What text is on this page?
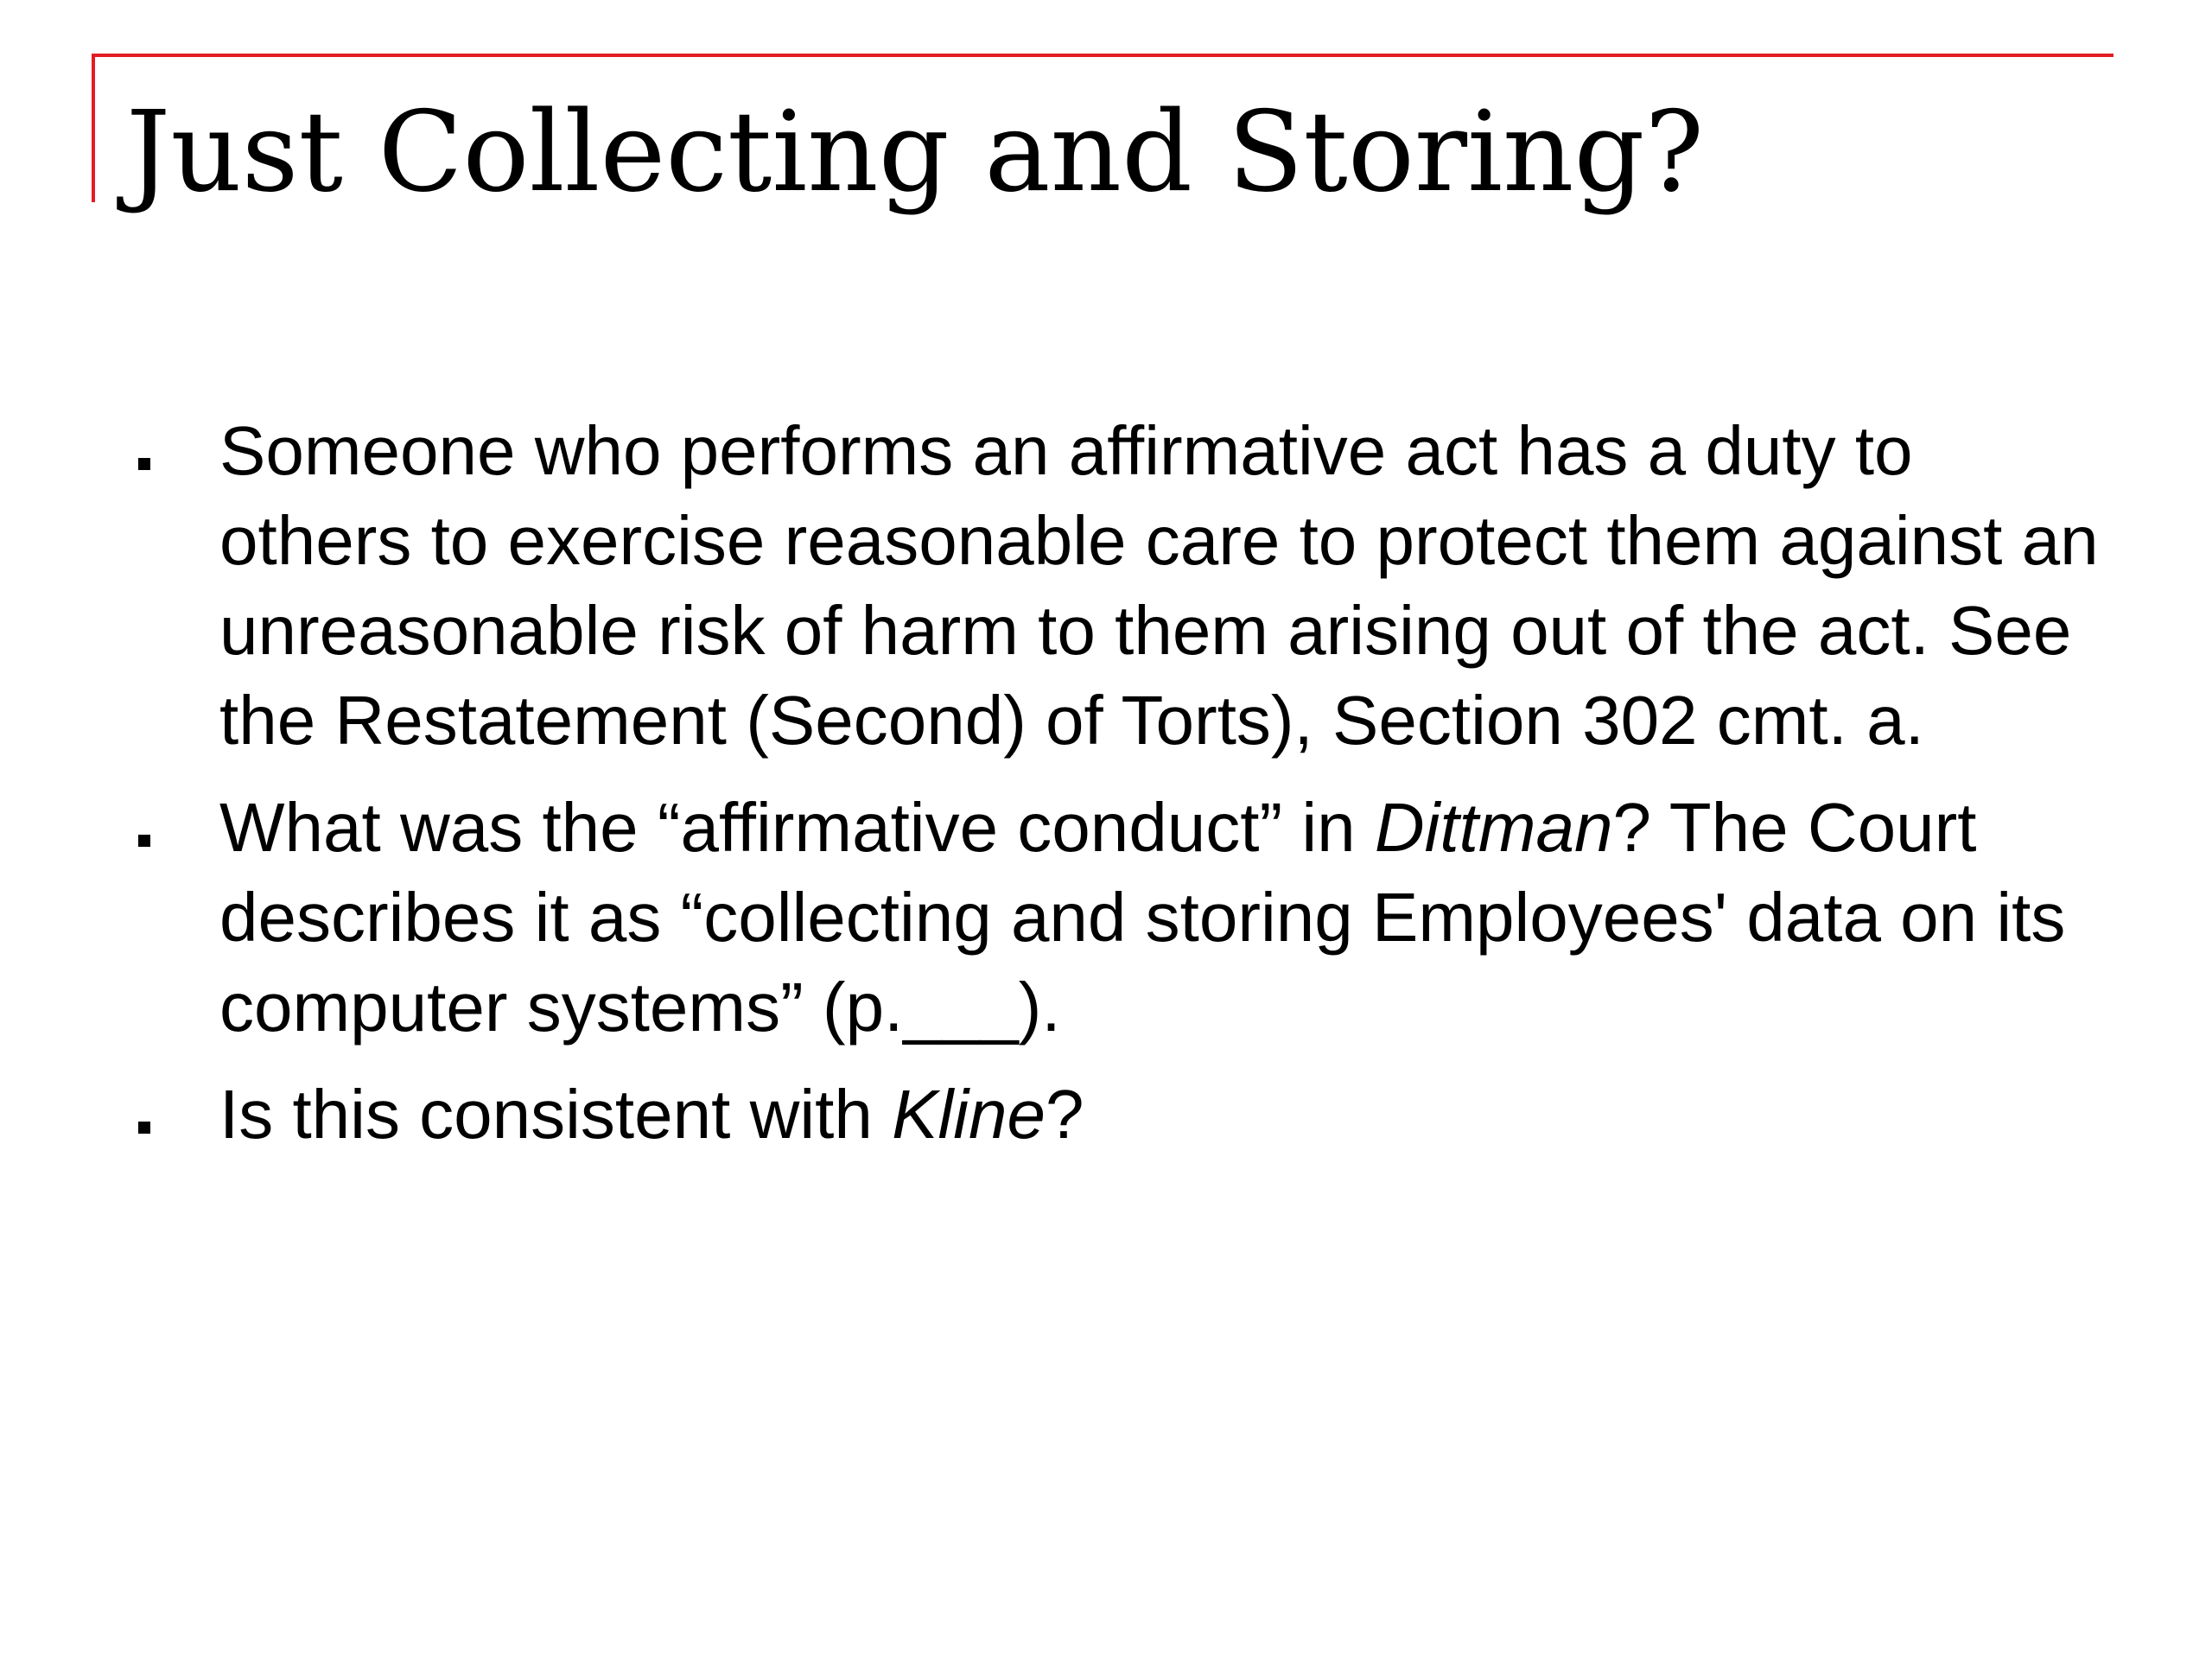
Just Collecting and Storing?
Someone who performs an affirmative act has a duty to others to exercise reasonable care to protect them against an unreasonable risk of harm to them arising out of the act. See the Restatement (Second) of Torts), Section 302 cmt. a.
What was the “affirmative conduct” in Dittman? The Court describes it as “collecting and storing Employees' data on its computer systems” (p.___).
Is this consistent with Kline?
